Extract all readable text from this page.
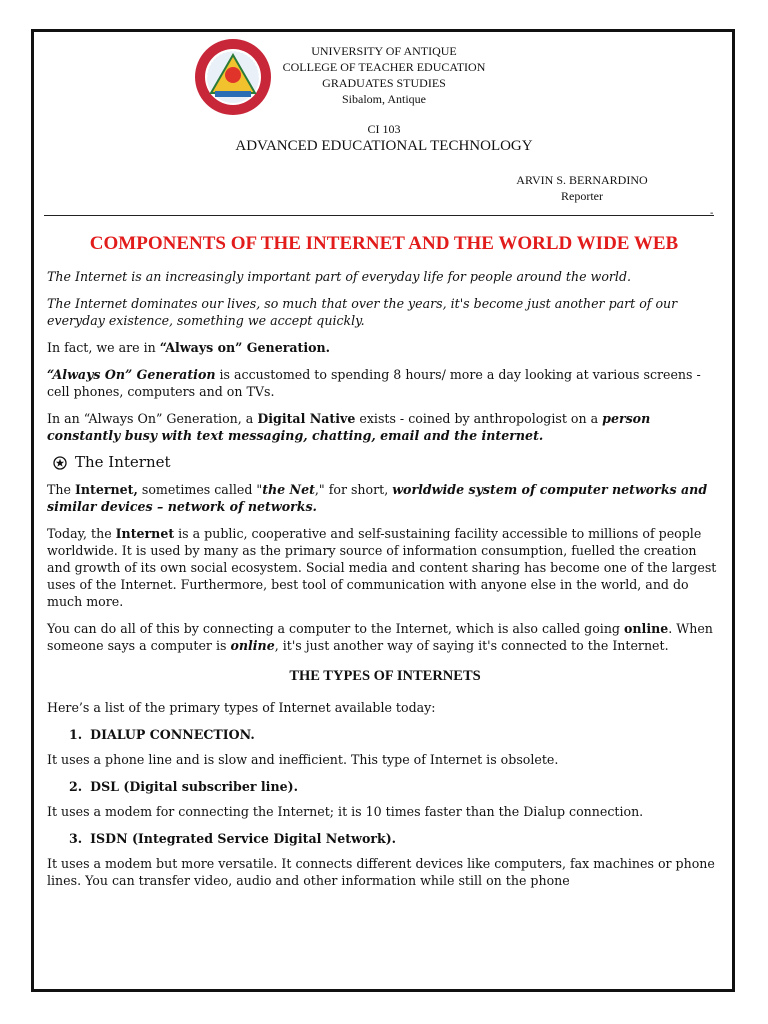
UNIVERSITY OF ANTIQUE
COLLEGE OF TEACHER EDUCATION
GRADUATES STUDIES
Sibalom, Antique
CI 103
ADVANCED EDUCATIONAL TECHNOLOGY
ARVIN S. BERNARDINO
Reporter
-
COMPONENTS OF THE INTERNET AND THE WORLD WIDE WEB

The Internet is an increasingly important part of everyday life for people around the world.

The Internet dominates our lives, so much that over the years, it's become just another part of our everyday existence, something we accept quickly.

In fact, we are in “Always on” Generation.

“Always On” Generation is accustomed to spending 8 hours/ more a day looking at various screens - cell phones, computers and on TVs.

In an “Always On” Generation, a Digital Native exists - coined by anthropologist on a person constantly busy with text messaging, chatting, email and the internet.

The Internet

The Internet, sometimes called "the Net," for short, worldwide system of computer networks and similar devices – network of networks.

Today, the Internet is a public, cooperative and self-sustaining facility accessible to millions of people worldwide. It is used by many as the primary source of information consumption, fuelled the creation and growth of its own social ecosystem. Social media and content sharing has become one of the largest uses of the Internet. Furthermore, best tool of communication with anyone else in the world, and do much more.

You can do all of this by connecting a computer to the Internet, which is also called going online. When someone says a computer is online, it's just another way of saying it's connected to the Internet.

THE TYPES OF INTERNETS

Here’s a list of the primary types of Internet available today:

1. DIALUP CONNECTION.

It uses a phone line and is slow and inefficient. This type of Internet is obsolete.

2. DSL (Digital subscriber line).

It uses a modem for connecting the Internet; it is 10 times faster than the Dialup connection.

3. ISDN (Integrated Service Digital Network).

It uses a modem but more versatile. It connects different devices like computers, fax machines or phone lines. You can transfer video, audio and other information while still on the phone
